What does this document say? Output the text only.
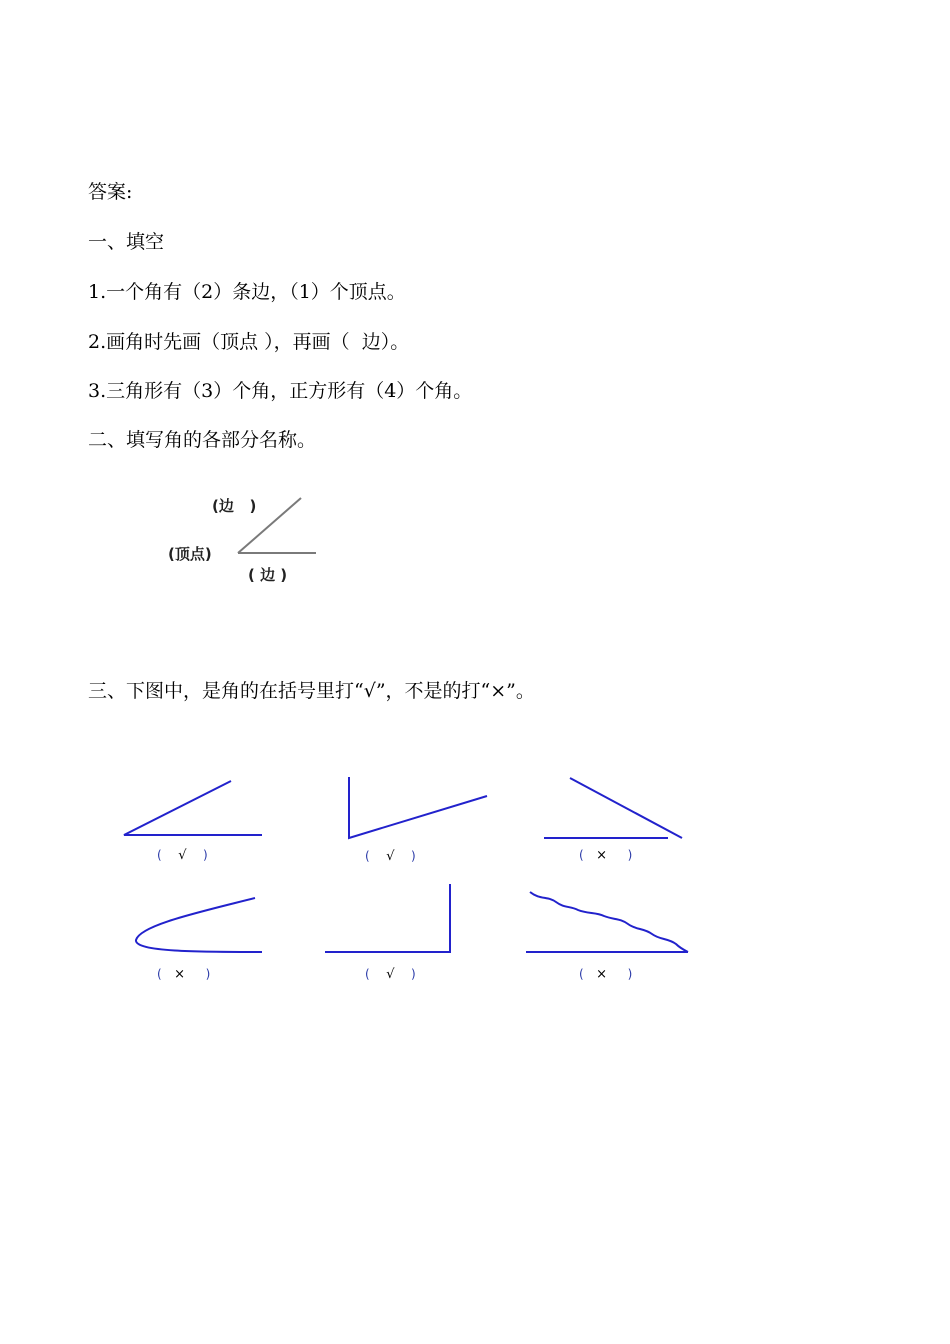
答案:
一、填空
1.一个角有（2）条边，（1）个顶点。
2.画角时先画（顶点 ），再画（  边）。
3.三角形有（3）个角，正方形有（4）个角。
二、填写角的各部分名称。
三、下图中，是角的在括号里打“√”，不是的打“×”。
(边   )
(顶点)
( 边 )
( √ )	( √ )	( × )
( × )	( √ )	( × )
